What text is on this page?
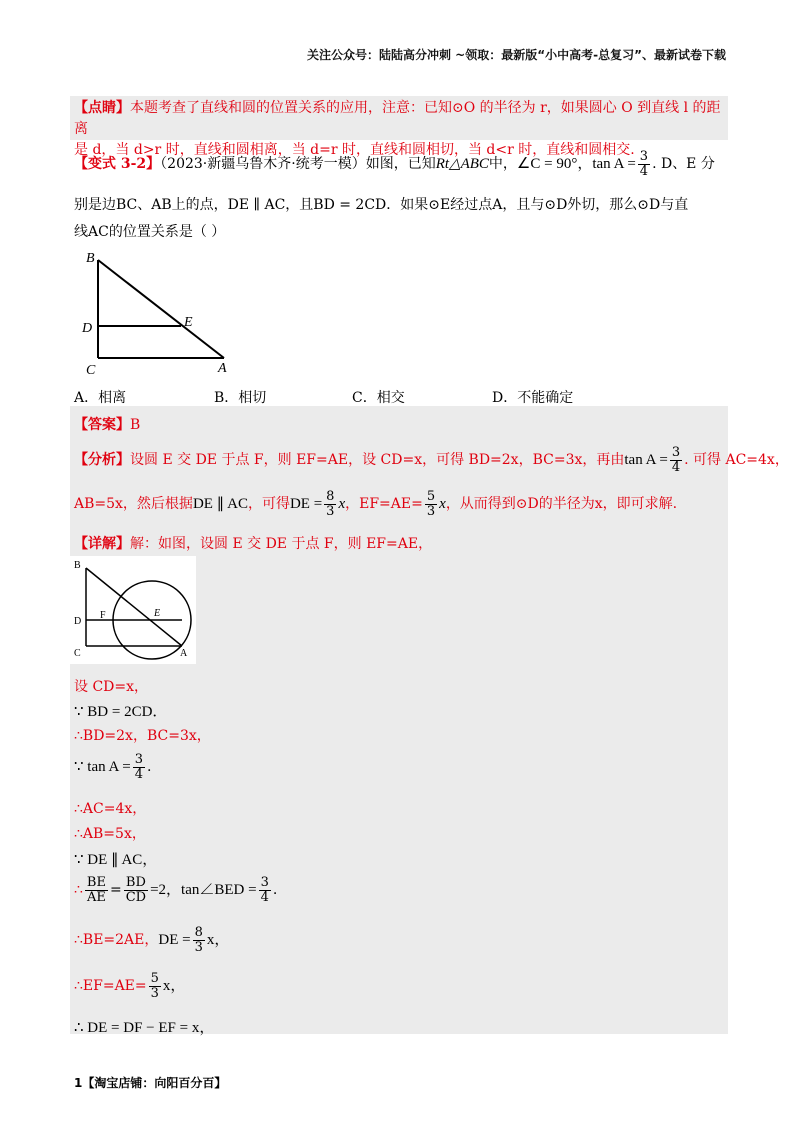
关注公众号：陆陆高分冲刺 ~领取：最新版“小中高考-总复习”、最新试卷下载
【点睛】本题考查了直线和圆的位置关系的应用，注意：已知⊙O 的半径为 r，如果圆心 O 到直线 l 的距离
是 d，当 d>r 时，直线和圆相离，当 d=r 时，直线和圆相切，当 d<r 时，直线和圆相交.
【变式 3-2】（2023·新疆乌鲁木齐·统考一模）如图，已知Rt△ABC中，∠C = 90°，$\tan A = \frac{3}{4}$ . D、E 分
别是边BC、AB上的点，DE ∥ AC，且BD = 2CD．如果⊙E经过点A，且与⊙D外切，那么⊙D与直
线AC的位置关系是（ ）
B
D	E
C	A
A．相离	B．相切	C．相交	D．不能确定
【答案】B
【分析】设圆 E 交 DE 于点 F，则 EF=AE，设 CD=x，可得 BD=2x，BC=3x，再由$\tan A = \frac{3}{4}$ . 可得 AC=4x，
AB=5x，然后根据DE ∥ AC，可得DE = $\frac{8}{3}$ x，$EF=AE= \frac{5}{3}$ x，从而得到⊙D的半径为x，即可求解.
【详解】解：如图，设圆 E 交 DE 于点 F，则 EF=AE，
B
F
D
E
C	A
设 CD=x，
∵ BD = 2CD．
∴BD=2x，BC=3x，
∵ $\tan A = \frac{3}{4}$ .
∴AC=4x，
∴AB=5x，
∵ DE ∥ AC，
∴ $\frac{BE}{AE} = \frac{BD}{CD} =2$，tan∠BED = $\frac{3}{4}$ .
∴BE=2AE，DE = $\frac{8}{3}$ x，
∴EF=AE= $\frac{5}{3}$ x，
∴ DE = DF − EF = x，
1【淘宝店铺：向阳百分百】
